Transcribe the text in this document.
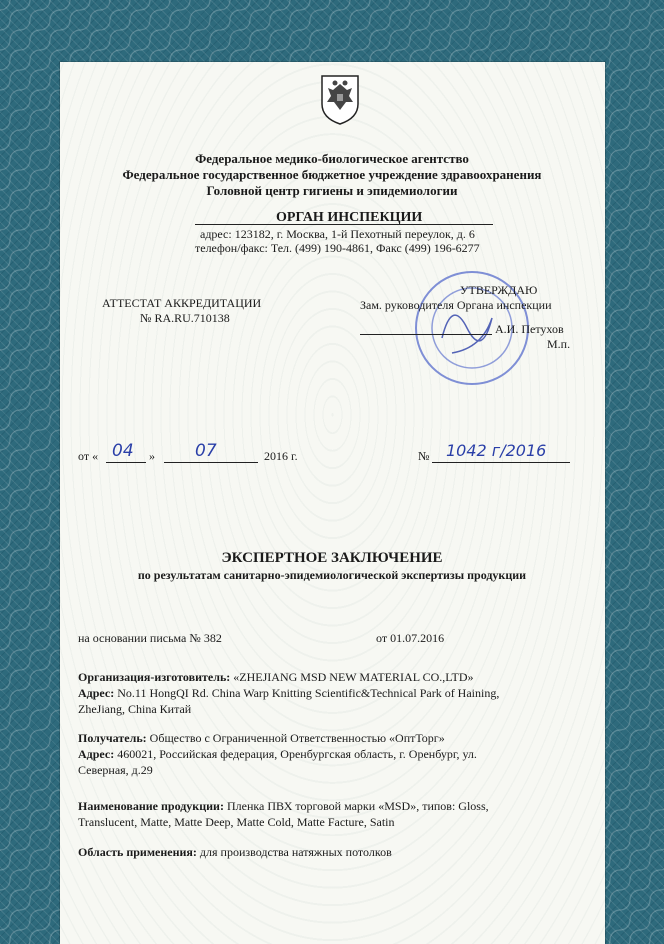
Федеральное медико-биологическое агентство
Федеральное государственное бюджетное учреждение здравоохранения
Головной центр гигиены и эпидемиологии
ОРГАН ИНСПЕКЦИИ
адрес: 123182, г. Москва, 1-й Пехотный переулок, д. 6
телефон/факс: Тел. (499) 190-4861, Факс (499) 196-6277
АТТЕСТАТ АККРЕДИТАЦИИ
№ RA.RU.710138
УТВЕРЖДАЮ
Зам. руководителя Органа инспекции
А.И. Петухов
М.п.
от « 04 » 07	2016 г.	№ 1042 г/2016
ЭКСПЕРТНОЕ ЗАКЛЮЧЕНИЕ
по результатам санитарно-эпидемиологической экспертизы продукции
на основании письма № 382	от 01.07.2016
Организация-изготовитель: «ZHEJIANG MSD NEW MATERIAL CO.,LTD»
Адрес: No.11 HongQI Rd. China Warp Knitting Scientific&Technical Park of Haining,
ZheJiang, China Китай
Получатель: Общество с Ограниченной Ответственностью «ОптТорг»
Адрес: 460021, Российская федерация, Оренбургская область, г. Оренбург, ул.
Северная, д.29
Наименование продукции: Пленка ПВХ торговой марки «MSD», типов: Gloss,
Translucent, Matte, Matte Deep, Matte Cold, Matte Facture, Satin
Область применения: для производства натяжных потолков
